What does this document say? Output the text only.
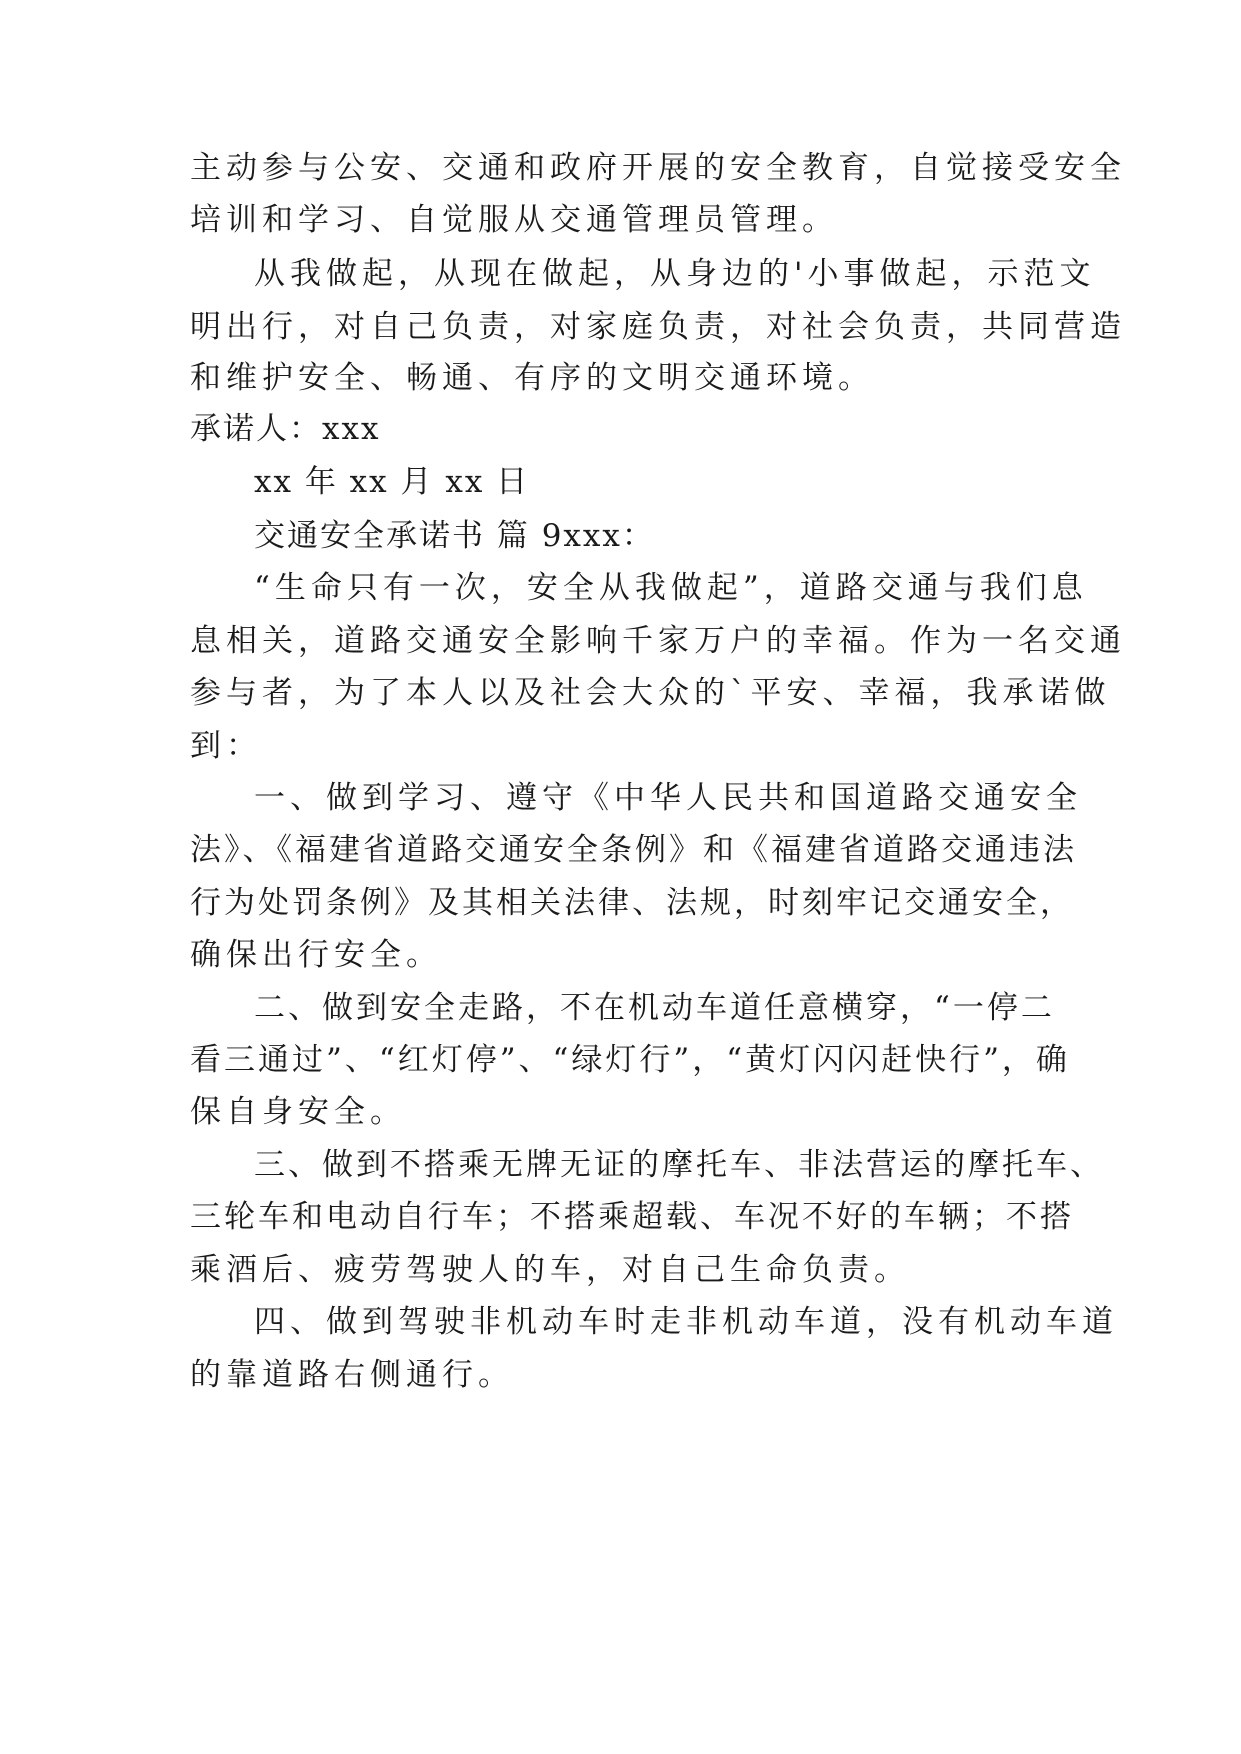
主动参与公安、交通和政府开展的安全教育，自觉接受安全
培训和学习、自觉服从交通管理员管理。
从我做起，从现在做起，从身边的'小事做起，示范文
明出行，对自己负责，对家庭负责，对社会负责，共同营造
和维护安全、畅通、有序的文明交通环境。
承诺人：xxx
xx 年 xx 月 xx 日
交通安全承诺书 篇 9xxx：
“生命只有一次，安全从我做起”，道路交通与我们息
息相关，道路交通安全影响千家万户的幸福。作为一名交通
参与者，为了本人以及社会大众的`平安、幸福，我承诺做
到：
一、做到学习、遵守《中华人民共和国道路交通安全
法》、《福建省道路交通安全条例》和《福建省道路交通违法
行为处罚条例》及其相关法律、法规，时刻牢记交通安全，
确保出行安全。
二、做到安全走路，不在机动车道任意横穿，“一停二
看三通过”、“红灯停”、“绿灯行”，“黄灯闪闪赶快行”，确
保自身安全。
三、做到不搭乘无牌无证的摩托车、非法营运的摩托车、
三轮车和电动自行车；不搭乘超载、车况不好的车辆；不搭
乘酒后、疲劳驾驶人的车，对自己生命负责。
四、做到驾驶非机动车时走非机动车道，没有机动车道
的靠道路右侧通行。
